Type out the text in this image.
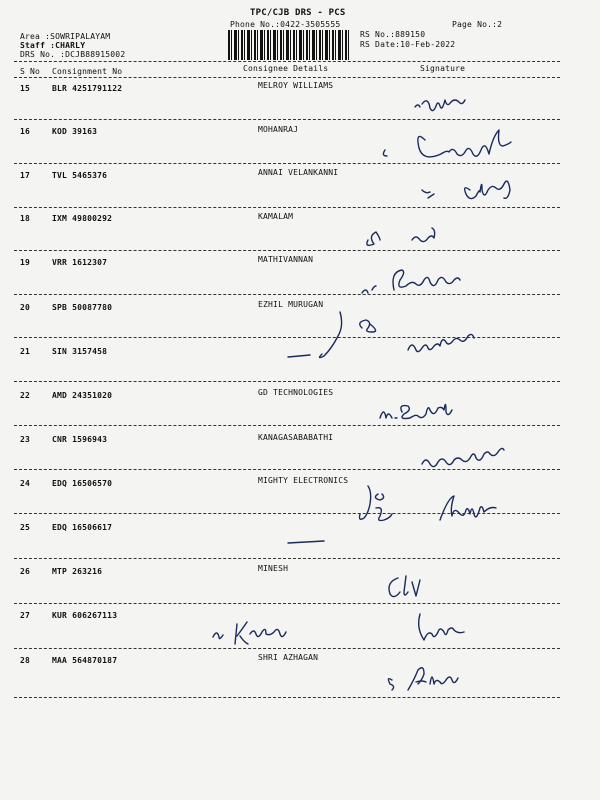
TPC/CJB DRS - PCS
Phone No.:0422-3505555	Page No.:2
RS No.:889150
RS Date:10-Feb-2022
Area :SOWRIPALAYAM
Staff :CHARLY
DRS No. :DCJB88915002
S No Consignment No	Consignee Details	Signature
15	BLR 4251791122	MELROY WILLIAMS
16	KOD 39163	MOHANRAJ
17	TVL 5465376	ANNAI VELANKANNI
18	IXM 49800292	KAMALAM
19	VRR 1612307	MATHIVANNAN
20	SPB 50087780	EZHIL MURUGAN
21	SIN 3157458
22	AMD 24351020	GD TECHNOLOGIES
23	CNR 1596943	KANAGASABABATHI
24	EDQ 16506570	MIGHTY ELECTRONICS
25	EDQ 16506617
26	MTP 263216	MINESH
27	KUR 606267113
28	MAA 564870187	SHRI AZHAGAN
